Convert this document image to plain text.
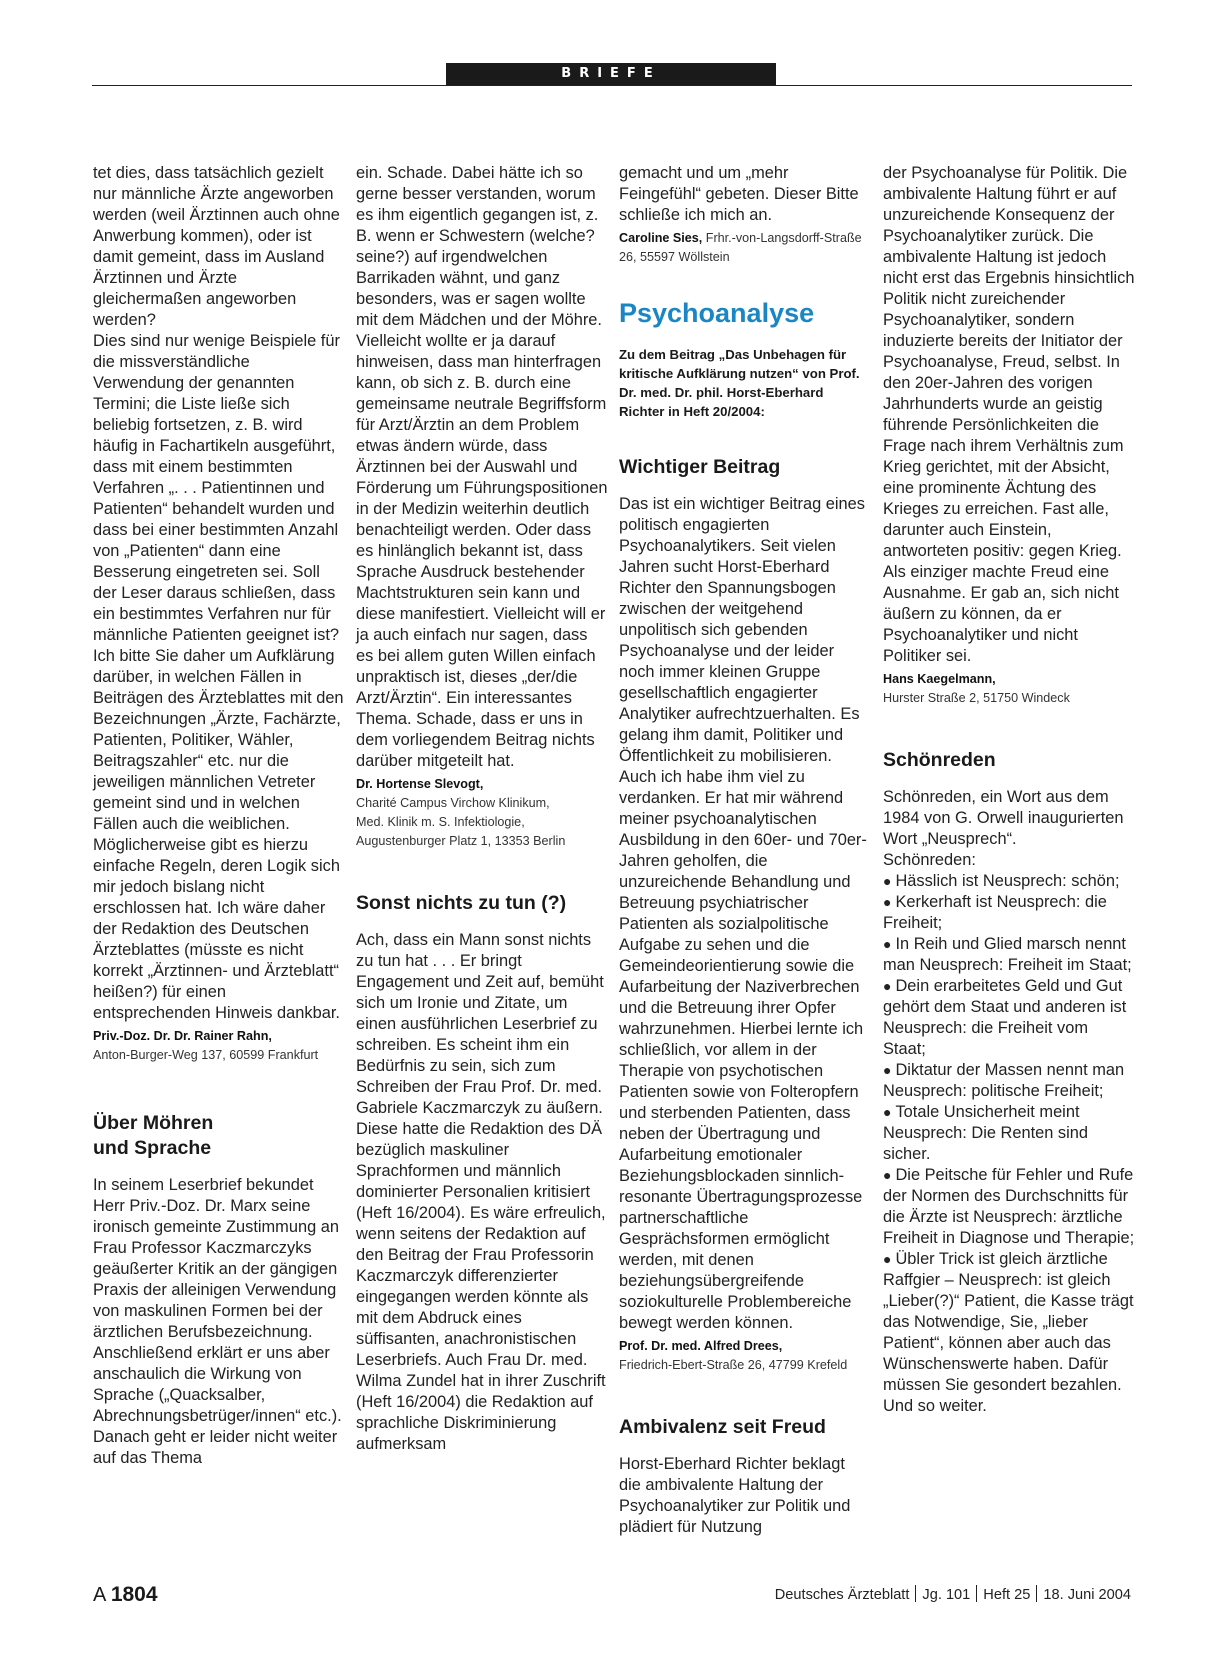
BRIEFE

tet dies, dass tatsächlich gezielt nur männliche Ärzte angeworben werden (weil Ärztinnen auch ohne Anwerbung kommen), oder ist damit gemeint, dass im Ausland Ärztinnen und Ärzte gleichermaßen angeworben werden?

Dies sind nur wenige Beispiele für die missverständliche Verwendung der genannten Termini; die Liste ließe sich beliebig fortsetzen, z. B. wird häufig in Fachartikeln ausgeführt, dass mit einem bestimmten Verfahren „. . . Patientinnen und Patienten“ behandelt wurden und dass bei einer bestimmten Anzahl von „Patienten“ dann eine Besserung eingetreten sei. Soll der Leser daraus schließen, dass ein bestimmtes Verfahren nur für männliche Patienten geeignet ist?

Ich bitte Sie daher um Aufklärung darüber, in welchen Fällen in Beiträgen des Ärzteblattes mit den Bezeichnungen „Ärzte, Fachärzte, Patienten, Politiker, Wähler, Beitragszahler“ etc. nur die jeweiligen männlichen Vetreter gemeint sind und in welchen Fällen auch die weiblichen. Möglicherweise gibt es hierzu einfache Regeln, deren Logik sich mir jedoch bislang nicht erschlossen hat. Ich wäre daher der Redaktion des Deutschen Ärzteblattes (müsste es nicht korrekt „Ärztinnen- und Ärzteblatt“ heißen?) für einen entsprechenden Hinweis dankbar.

Priv.-Doz. Dr. Dr. Rainer Rahn,
Anton-Burger-Weg 137, 60599 Frankfurt
Über Möhren und Sprache

In seinem Leserbrief bekundet Herr Priv.-Doz. Dr. Marx seine ironisch gemeinte Zustimmung an Frau Professor Kaczmarczyks geäußerter Kritik an der gängigen Praxis der alleinigen Verwendung von maskulinen Formen bei der ärztlichen Berufsbezeichnung. Anschließend erklärt er uns aber anschaulich die Wirkung von Sprache („Quacksalber, Abrechnungsbetrüger/innen“ etc.). Danach geht er leider nicht weiter auf das Thema

ein. Schade. Dabei hätte ich so gerne besser verstanden, worum es ihm eigentlich gegangen ist, z. B. wenn er Schwestern (welche? seine?) auf irgendwelchen Barrikaden wähnt, und ganz besonders, was er sagen wollte mit dem Mädchen und der Möhre. Vielleicht wollte er ja darauf hinweisen, dass man hinterfragen kann, ob sich z. B. durch eine gemeinsame neutrale Begriffsform für Arzt/Ärztin an dem Problem etwas ändern würde, dass Ärztinnen bei der Auswahl und Förderung um Führungspositionen in der Medizin weiterhin deutlich benachteiligt werden. Oder dass es hinlänglich bekannt ist, dass Sprache Ausdruck bestehender Machtstrukturen sein kann und diese manifestiert. Vielleicht will er ja auch einfach nur sagen, dass es bei allem guten Willen einfach unpraktisch ist, dieses „der/die Arzt/Ärztin“. Ein interessantes Thema. Schade, dass er uns in dem vorliegendem Beitrag nichts darüber mitgeteilt hat.

Dr. Hortense Slevogt,
Charité Campus Virchow Klinikum,
Med. Klinik m. S. Infektiologie,
Augustenburger Platz 1, 13353 Berlin
Sonst nichts zu tun (?)

Ach, dass ein Mann sonst nichts zu tun hat . . . Er bringt Engagement und Zeit auf, bemüht sich um Ironie und Zitate, um einen ausführlichen Leserbrief zu schreiben. Es scheint ihm ein Bedürfnis zu sein, sich zum Schreiben der Frau Prof. Dr. med. Gabriele Kaczmarczyk zu äußern. Diese hatte die Redaktion des DÄ bezüglich maskuliner Sprachformen und männlich dominierter Personalien kritisiert (Heft 16/2004). Es wäre erfreulich, wenn seitens der Redaktion auf den Beitrag der Frau Professorin Kaczmarczyk differenzierter eingegangen werden könnte als mit dem Abdruck eines süffisanten, anachronistischen Leserbriefs. Auch Frau Dr. med. Wilma Zundel hat in ihrer Zuschrift (Heft 16/2004) die Redaktion auf sprachliche Diskriminierung aufmerksam

gemacht und um „mehr Feingefühl“ gebeten. Dieser Bitte schließe ich mich an.

Caroline Sies, Frhr.-von-Langsdorff-Straße 26, 55597 Wöllstein
Psychoanalyse
Zu dem Beitrag „Das Unbehagen für kritische Aufklärung nutzen“ von Prof. Dr. med. Dr. phil. Horst-Eberhard Richter in Heft 20/2004:
Wichtiger Beitrag

Das ist ein wichtiger Beitrag eines politisch engagierten Psychoanalytikers. Seit vielen Jahren sucht Horst-Eberhard Richter den Spannungsbogen zwischen der weitgehend unpolitisch sich gebenden Psychoanalyse und der leider noch immer kleinen Gruppe gesellschaftlich engagierter Analytiker aufrechtzuerhalten. Es gelang ihm damit, Politiker und Öffentlichkeit zu mobilisieren. Auch ich habe ihm viel zu verdanken. Er hat mir während meiner psychoanalytischen Ausbildung in den 60er- und 70er-Jahren geholfen, die unzureichende Behandlung und Betreuung psychiatrischer Patienten als sozialpolitische Aufgabe zu sehen und die Gemeindeorientierung sowie die Aufarbeitung der Naziverbrechen und die Betreuung ihrer Opfer wahrzunehmen. Hierbei lernte ich schließlich, vor allem in der Therapie von psychotischen Patienten sowie von Folteropfern und sterbenden Patienten, dass neben der Übertragung und Aufarbeitung emotionaler Beziehungsblockaden sinnlich-resonante Übertragungsprozesse partnerschaftliche Gesprächsformen ermöglicht werden, mit denen beziehungsübergreifende soziokulturelle Problembereiche bewegt werden können.

Prof. Dr. med. Alfred Drees,
Friedrich-Ebert-Straße 26, 47799 Krefeld
Ambivalenz seit Freud

Horst-Eberhard Richter beklagt die ambivalente Haltung der Psychoanalytiker zur Politik und plädiert für Nutzung

der Psychoanalyse für Politik. Die ambivalente Haltung führt er auf unzureichende Konsequenz der Psychoanalytiker zurück. Die ambivalente Haltung ist jedoch nicht erst das Ergebnis hinsichtlich Politik nicht zureichender Psychoanalytiker, sondern induzierte bereits der Initiator der Psychoanalyse, Freud, selbst. In den 20er-Jahren des vorigen Jahrhunderts wurde an geistig führende Persönlichkeiten die Frage nach ihrem Verhältnis zum Krieg gerichtet, mit der Absicht, eine prominente Ächtung des Krieges zu erreichen. Fast alle, darunter auch Einstein, antworteten positiv: gegen Krieg. Als einziger machte Freud eine Ausnahme. Er gab an, sich nicht äußern zu können, da er Psychoanalytiker und nicht Politiker sei.

Hans Kaegelmann,
Hurster Straße 2, 51750 Windeck
Schönreden

Schönreden, ein Wort aus dem 1984 von G. Orwell inaugurierten Wort „Neusprech“.

Schönreden:

● Hässlich ist Neusprech: schön;

● Kerkerhaft ist Neusprech: die Freiheit;

● In Reih und Glied marsch nennt man Neusprech: Freiheit im Staat;

● Dein erarbeitetes Geld und Gut gehört dem Staat und anderen ist Neusprech: die Freiheit vom Staat;

● Diktatur der Massen nennt man Neusprech: politische Freiheit;

● Totale Unsicherheit meint Neusprech: Die Renten sind sicher.

● Die Peitsche für Fehler und Rufe der Normen des Durchschnitts für die Ärzte ist Neusprech: ärztliche Freiheit in Diagnose und Therapie;

● Übler Trick ist gleich ärztliche Raffgier – Neusprech: ist gleich „Lieber(?)“ Patient, die Kasse trägt das Notwendige, Sie, „lieber Patient“, können aber auch das Wünschenswerte haben. Dafür müssen Sie gesondert bezahlen.

Und so weiter.

A 1804	Deutsches Ärzteblatt Jg. 101 Heft 25 18. Juni 2004
